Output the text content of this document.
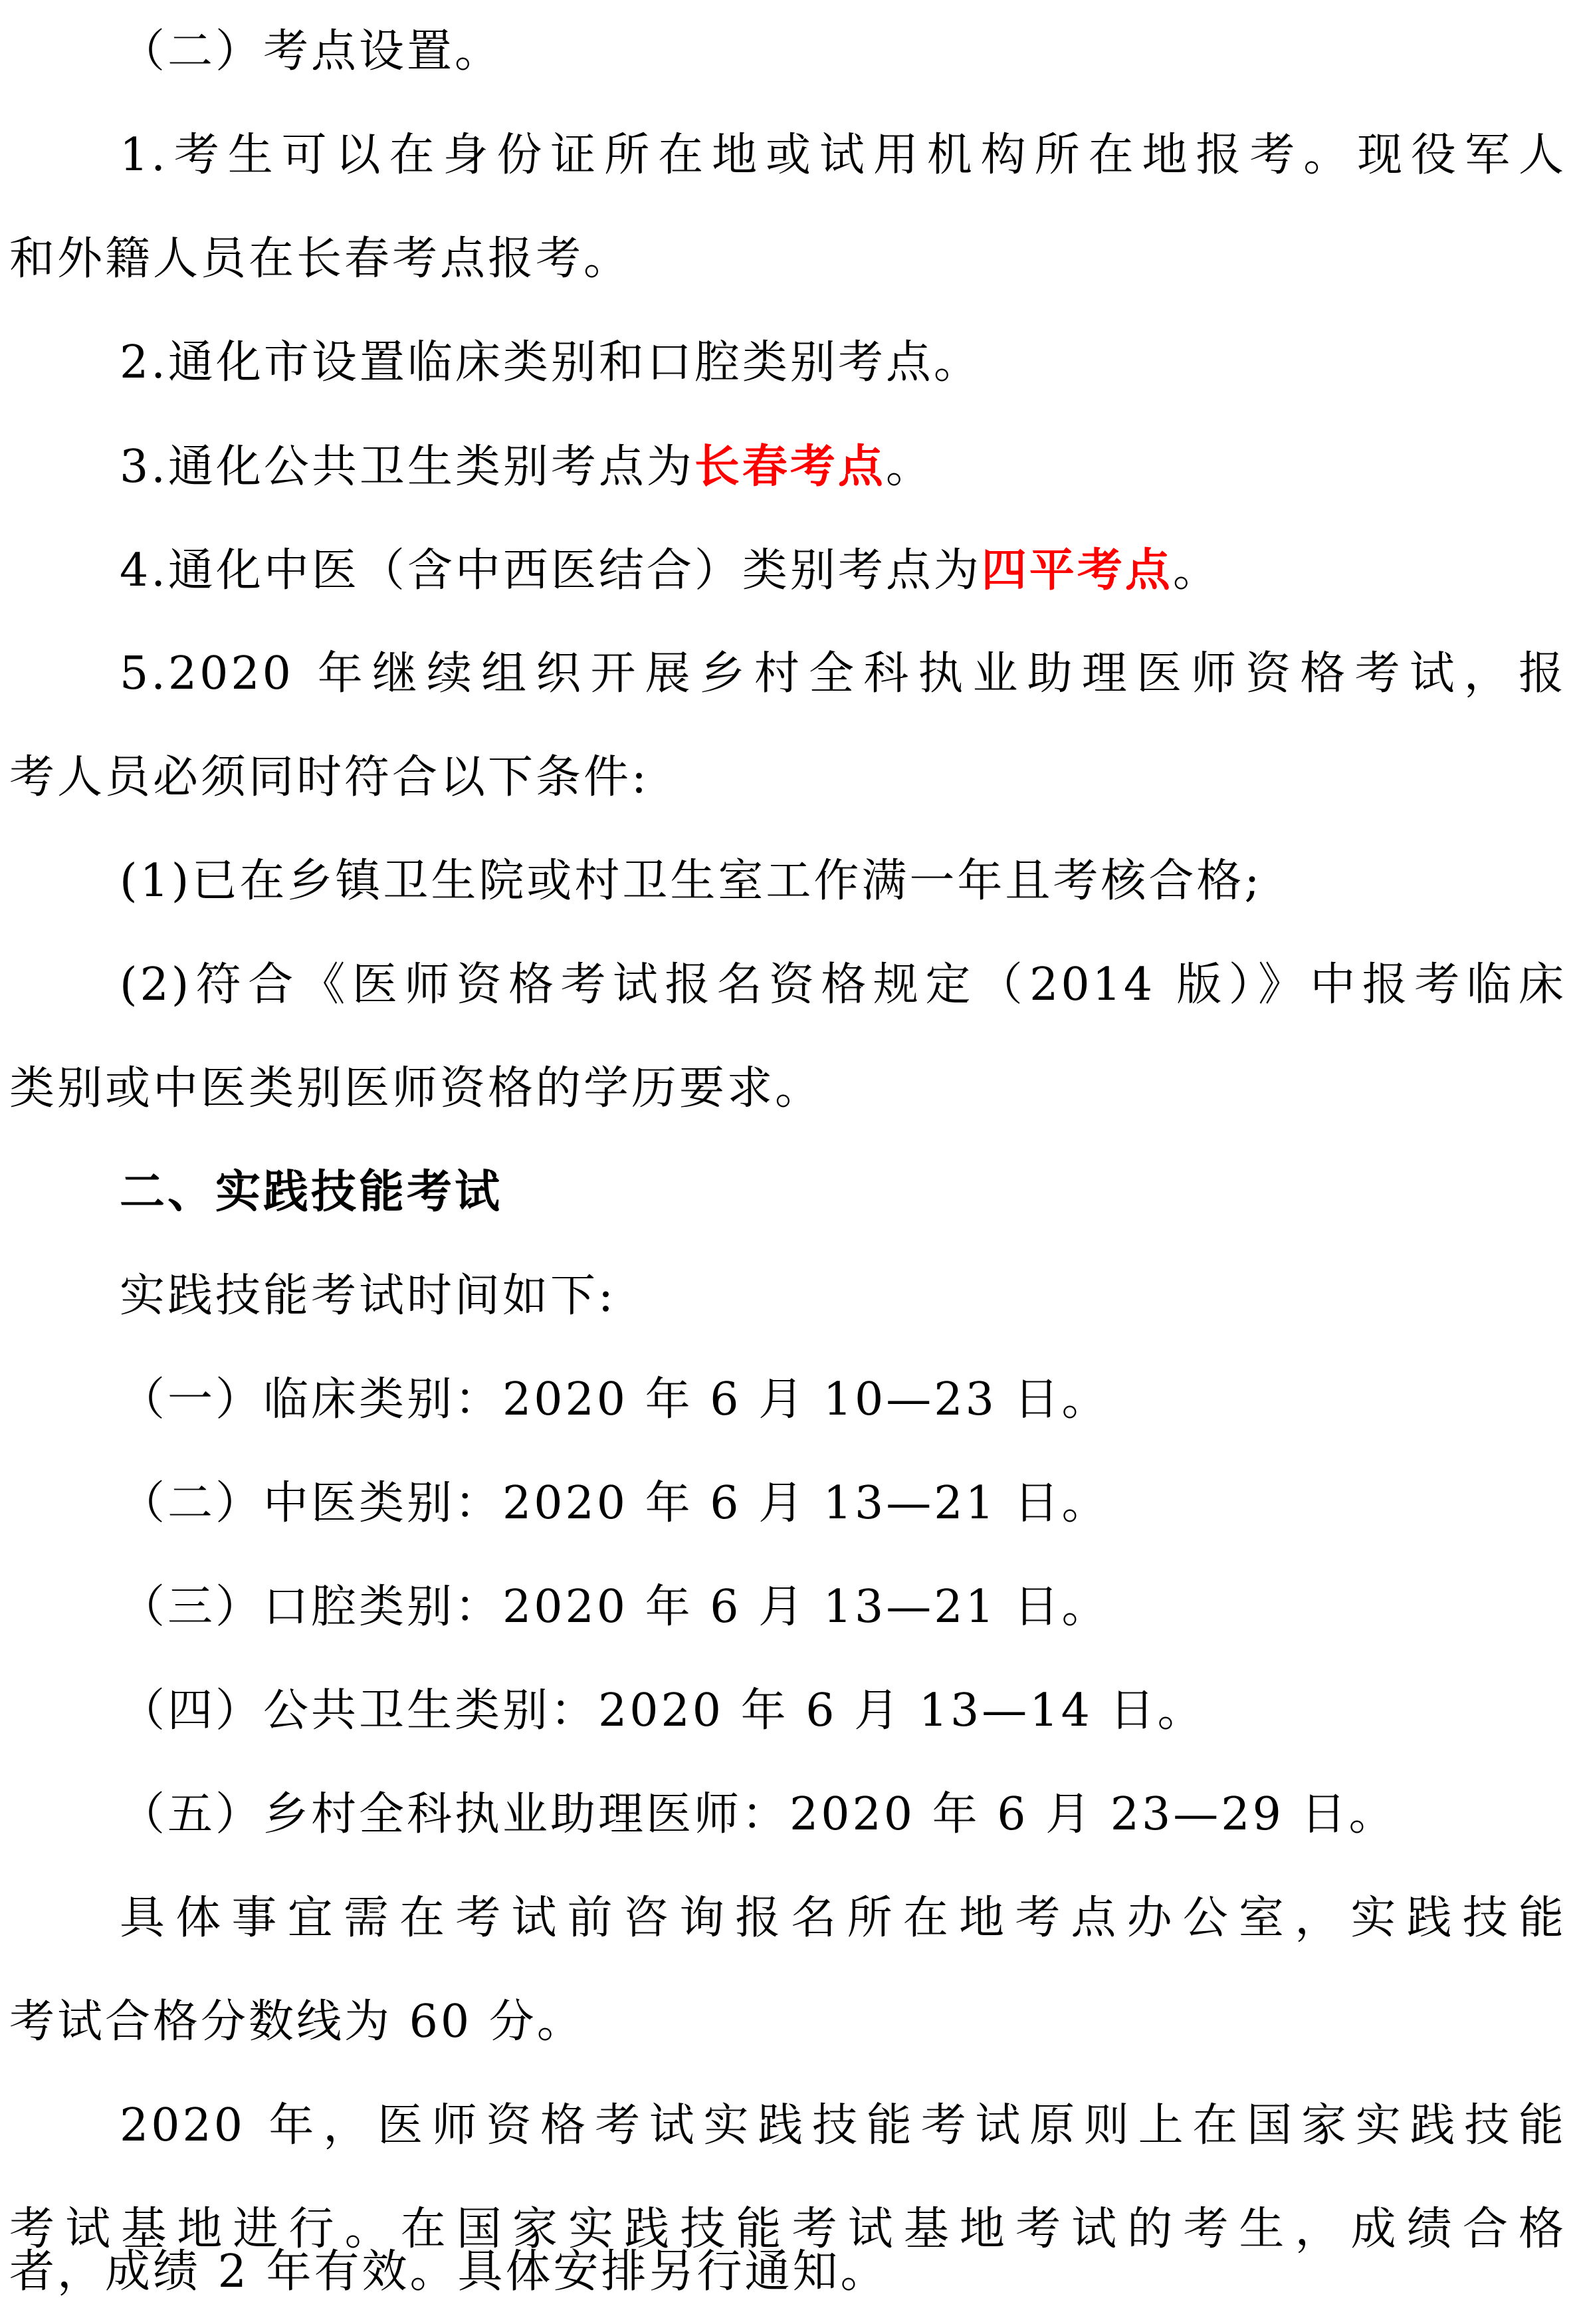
（二）考点设置。
1.考生可以在身份证所在地或试用机构所在地报考。现役军人
和外籍人员在长春考点报考。
2.通化市设置临床类别和口腔类别考点。
3.通化公共卫生类别考点为长春考点。
4.通化中医（含中西医结合）类别考点为四平考点。
5.2020 年继续组织开展乡村全科执业助理医师资格考试，报
考人员必须同时符合以下条件:
(1)已在乡镇卫生院或村卫生室工作满一年且考核合格;
(2)符合《医师资格考试报名资格规定（2014 版）》中报考临床
类别或中医类别医师资格的学历要求。
二、实践技能考试
实践技能考试时间如下:
（一）临床类别：2020 年 6 月 10—23 日。
（二）中医类别：2020 年 6 月 13—21 日。
（三）口腔类别：2020 年 6 月 13—21 日。
（四）公共卫生类别：2020 年 6 月 13—14 日。
（五）乡村全科执业助理医师：2020 年 6 月 23—29 日。
具体事宜需在考试前咨询报名所在地考点办公室，实践技能
考试合格分数线为 60 分。
2020 年，医师资格考试实践技能考试原则上在国家实践技能
考试基地进行。在国家实践技能考试基地考试的考生，成绩合格
者，成绩 2 年有效。具体安排另行通知。
